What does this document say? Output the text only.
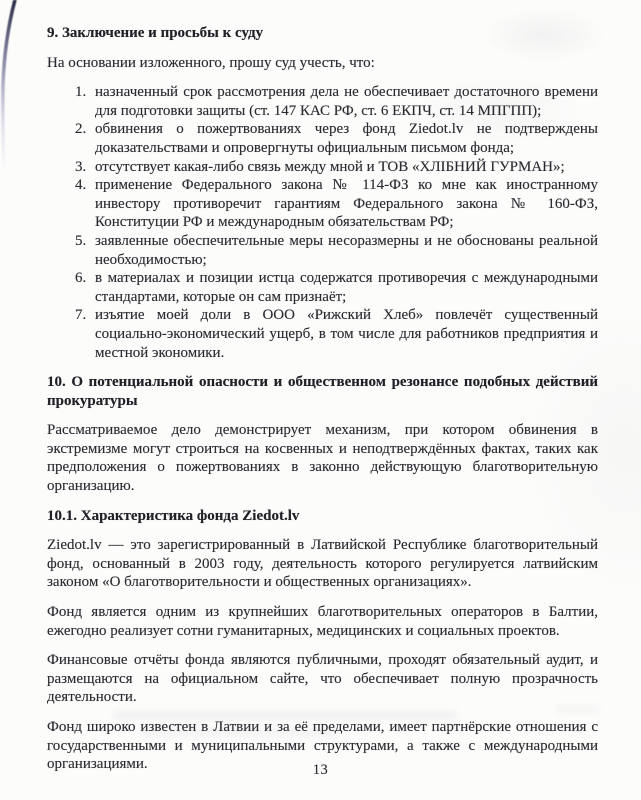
9. Заключение и просьбы к суду

На основании изложенного, прошу суд учесть, что:

1. назначенный срок рассмотрения дела не обеспечивает достаточного времени для подготовки защиты (ст. 147 КАС РФ, ст. 6 ЕКПЧ, ст. 14 МПГПП);
2. обвинения о пожертвованиях через фонд Ziedot.lv не подтверждены доказательствами и опровергнуты официальным письмом фонда;
3. отсутствует какая-либо связь между мной и ТОВ «ХЛІБНИЙ ГУРМАН»;
4. применение Федерального закона № 114-ФЗ ко мне как иностранному инвестору противоречит гарантиям Федерального закона № 160-ФЗ, Конституции РФ и международным обязательствам РФ;
5. заявленные обеспечительные меры несоразмерны и не обоснованы реальной необходимостью;
6. в материалах и позиции истца содержатся противоречия с международными стандартами, которые он сам признаёт;
7. изъятие моей доли в ООО «Рижский Хлеб» повлечёт существенный социально-экономический ущерб, в том числе для работников предприятия и местной экономики.
10. О потенциальной опасности и общественном резонансе подобных действий прокуратуры

Рассматриваемое дело демонстрирует механизм, при котором обвинения в экстремизме могут строиться на косвенных и неподтверждённых фактах, таких как предположения о пожертвованиях в законно действующую благотворительную организацию.

10.1. Характеристика фонда Ziedot.lv

Ziedot.lv — это зарегистрированный в Латвийской Республике благотворительный фонд, основанный в 2003 году, деятельность которого регулируется латвийским законом «О благотворительности и общественных организациях».

Фонд является одним из крупнейших благотворительных операторов в Балтии, ежегодно реализует сотни гуманитарных, медицинских и социальных проектов.

Финансовые отчёты фонда являются публичными, проходят обязательный аудит, и размещаются на официальном сайте, что обеспечивает полную прозрачность деятельности.

Фонд широко известен в Латвии и за её пределами, имеет партнёрские отношения с государственными и муниципальными структурами, а также с международными организациями.	13
